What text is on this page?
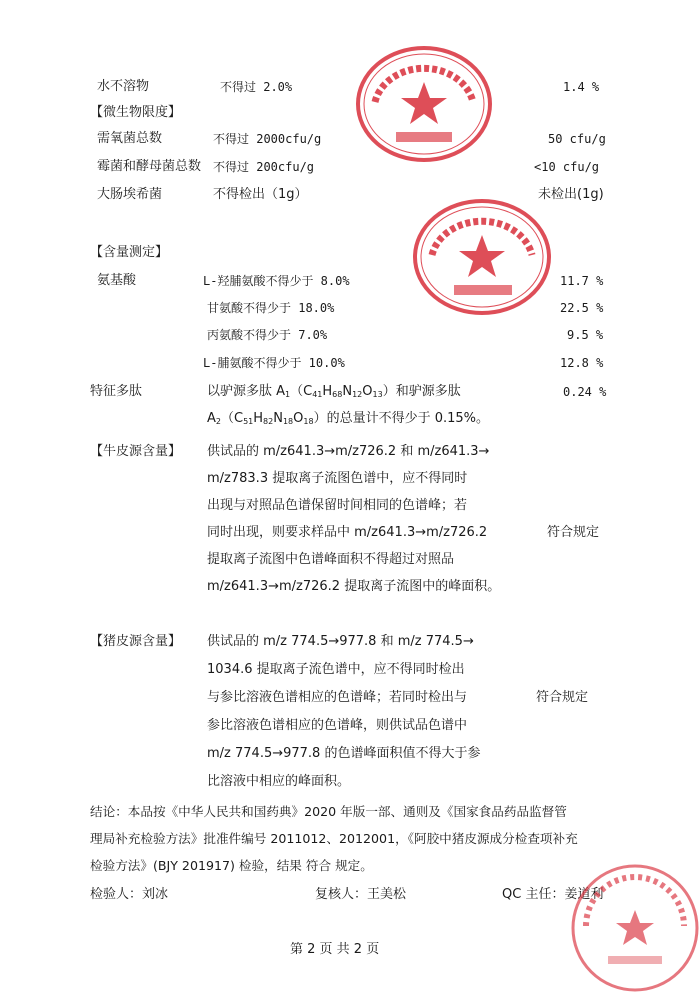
水不溶物	不得过 2.0%	1.4 %
【微生物限度】
需氧菌总数	不得过 2000cfu/g	50 cfu/g
霉菌和酵母菌总数 不得过 200cfu/g	<10 cfu/g
大肠埃希菌	不得检出（1g）	未检出(1g)
【含量测定】
氨基酸	L-羟脯氨酸不得少于 8.0%	11.7 %
甘氨酸不得少于 18.0%	22.5 %
丙氨酸不得少于 7.0%	9.5 %
L-脯氨酸不得少于 10.0%	12.8 %
特征多肽	以驴源多肽 $A_1(C_{41}H_{68}N_{12}O_{13})$和驴源多肽	0.24 %
$A_2(C_{51}H_{82}N_{18}O_{18})$的总量计不得少于 0.15%。
【牛皮源含量】 供试品的 m/z641.3→m/z726.2 和 m/z641.3→
m/z783.3 提取离子流图色谱中，应不得同时
出现与对照品色谱保留时间相同的色谱峰；若
同时出现，则要求样品中 m/z641.3→m/z726.2
提取离子流图中色谱峰面积不得超过对照品
m/z641.3→m/z726.2 提取离子流图中的峰面积。
符合规定
【猪皮源含量】 供试品的 m/z 774.5→977.8 和 m/z 774.5→
1034.6 提取离子流色谱中，应不得同时检出
与参比溶液色谱相应的色谱峰；若同时检出与
参比溶液色谱相应的色谱峰，则供试品色谱中
m/z 774.5→977.8 的色谱峰面积值不得大于参
比溶液中相应的峰面积。
符合规定
结论：本品按《中华人民共和国药典》2020 年版一部、通则及《国家食品药品监督管
理局补充检验方法》批准件编号 2011012、2012001，《阿胶中猪皮源成分检查项补充
检验方法》(BJY 201917) 检验，结果 符合 规定。
检验人：刘冰	复核人：王美松	QC 主任：姜道利
第 2 页 共 2 页
